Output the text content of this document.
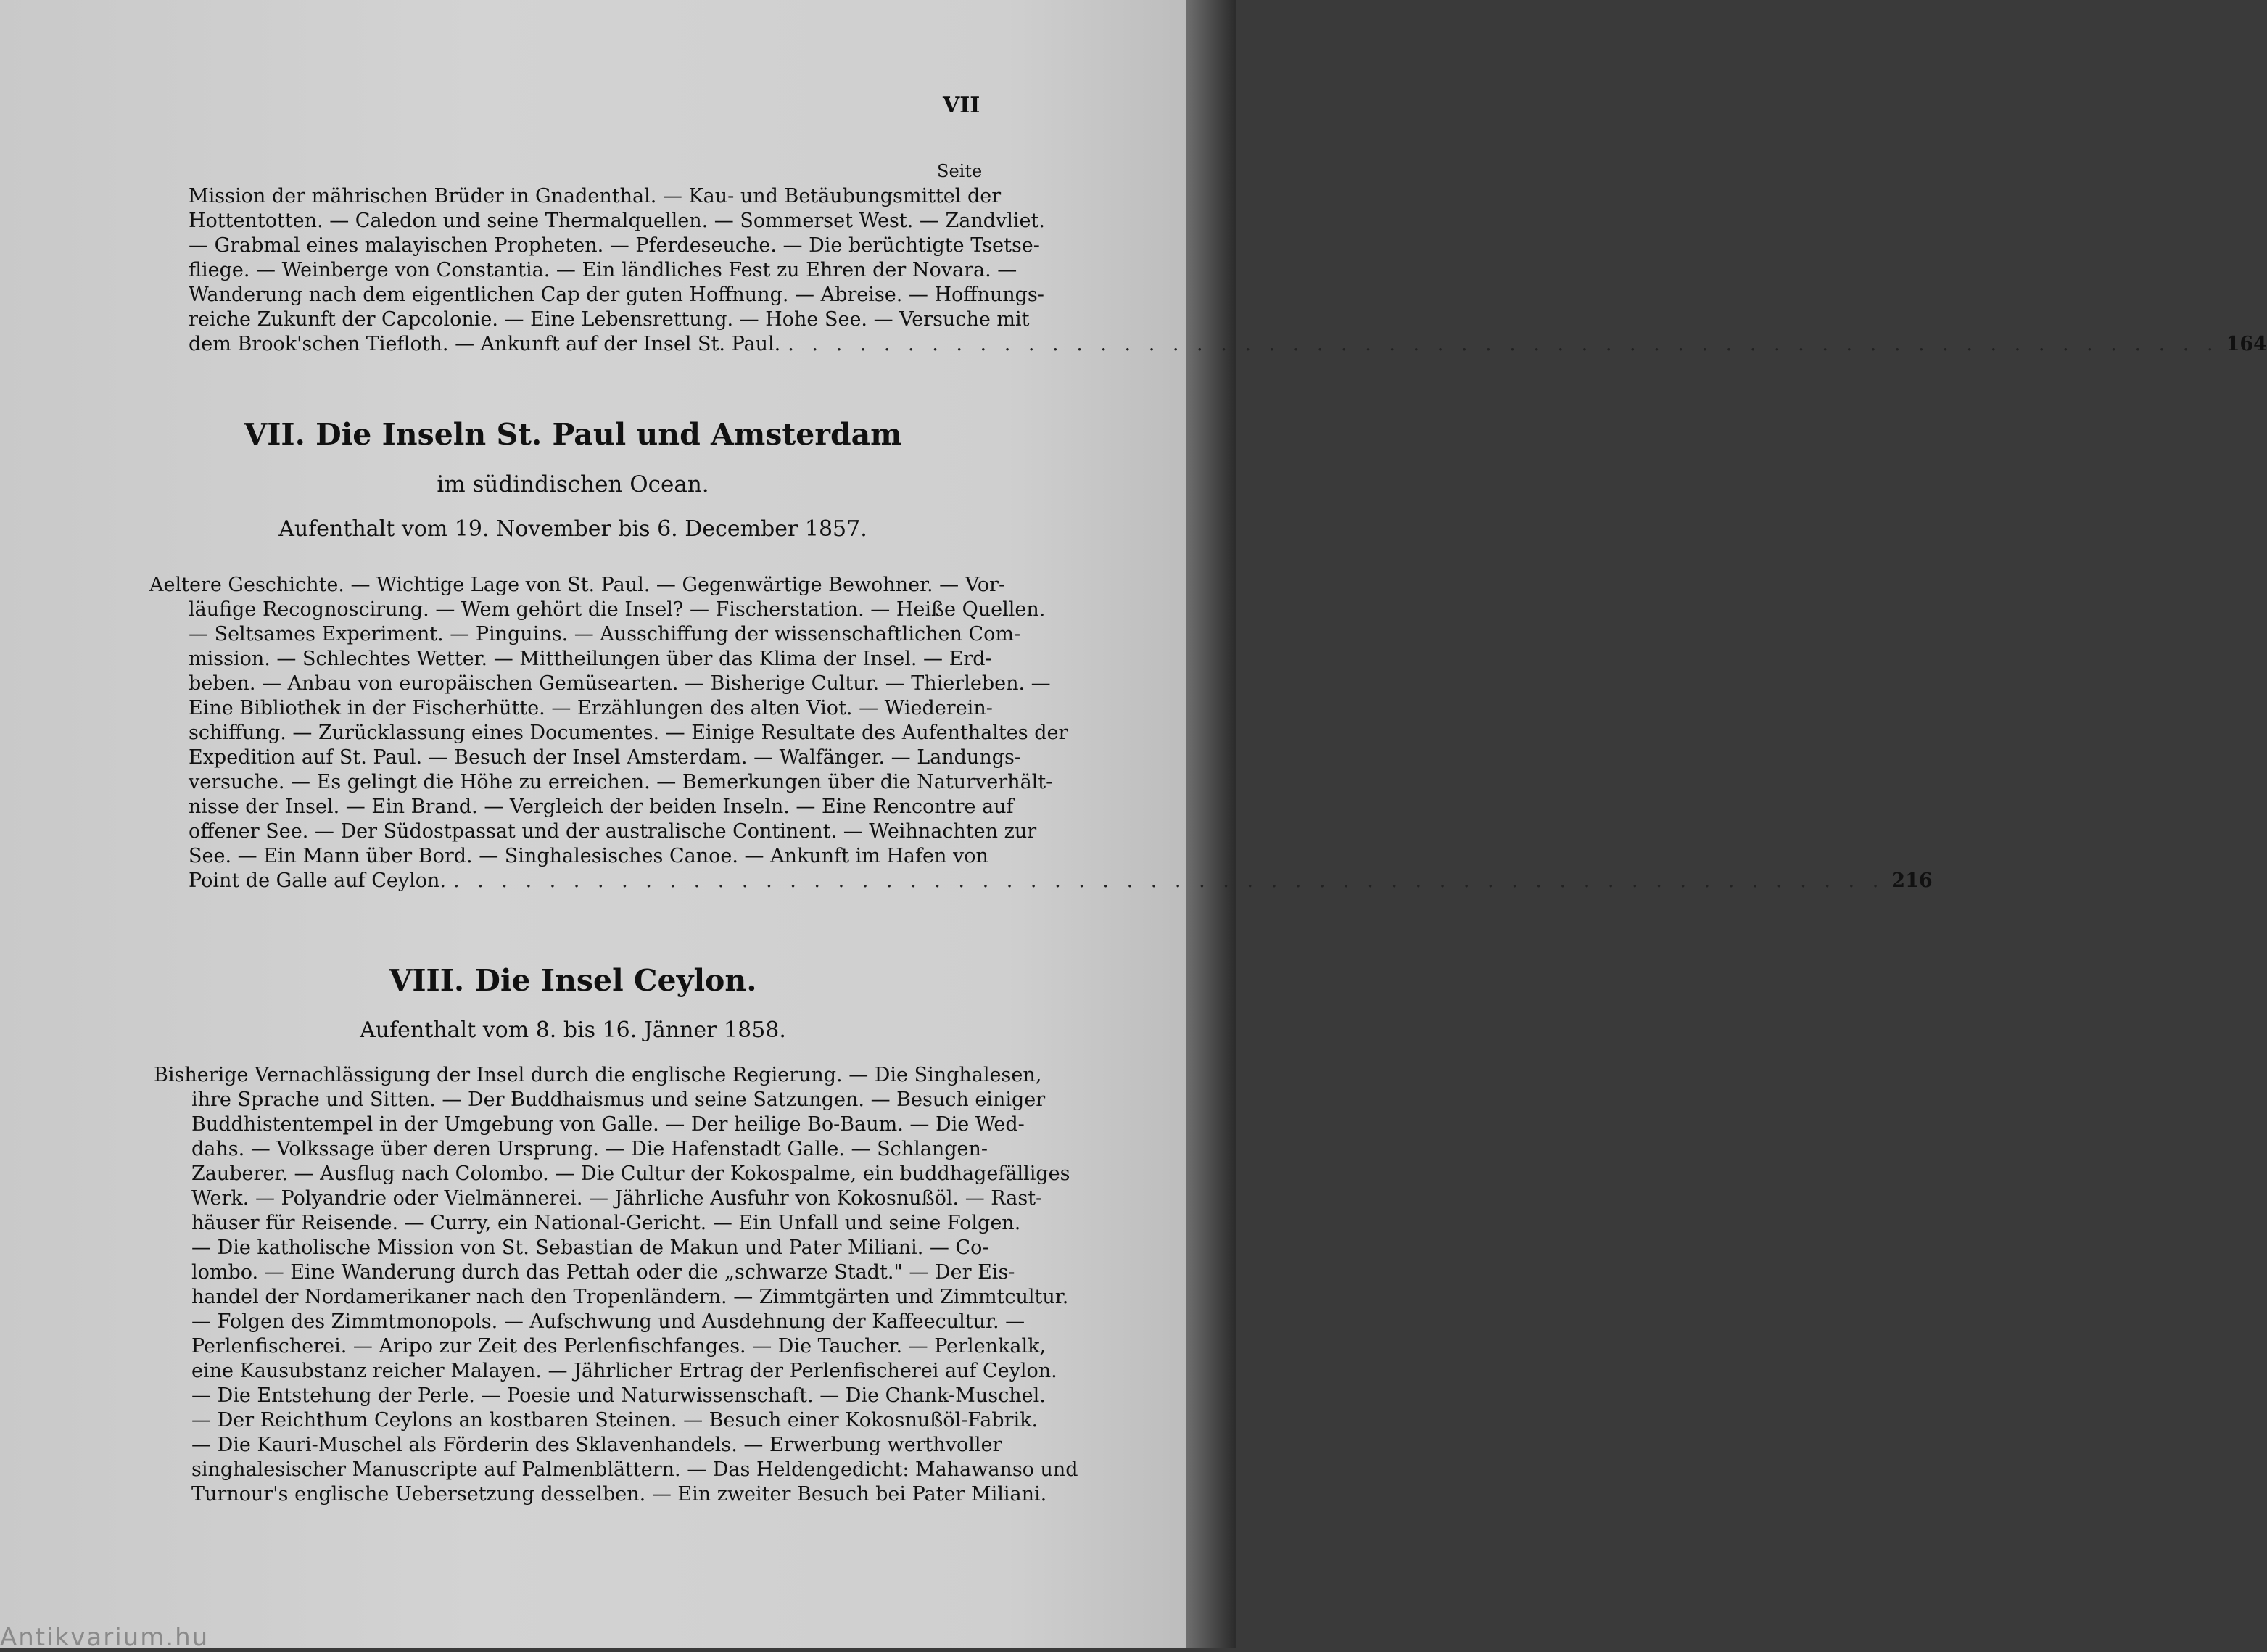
VII
Seite
Mission der mährischen Brüder in Gnadenthal. — Kau- und Betäubungsmittel der
Hottentotten. — Caledon und seine Thermalquellen. — Sommerset West. — Zandvliet.
— Grabmal eines malayischen Propheten. — Pferdeseuche. — Die berüchtigte Tsetse-
fliege. — Weinberge von Constantia. — Ein ländliches Fest zu Ehren der Novara. —
Wanderung nach dem eigentlichen Cap der guten Hoffnung. — Abreise. — Hoffnungs-
reiche Zukunft der Capcolonie. — Eine Lebensrettung. — Hohe See. — Versuche mit
dem Brook'schen Tiefloth. — Ankunft auf der Insel St. Paul. . . . . . . . . . . . . . . . . . . . . . . . . . . . . . . . . . . . . . . . . . . . . . . . . . . . . . . . . . . . . 164
VII. Die Inseln St. Paul und Amsterdam
im südindischen Ocean.
Aufenthalt vom 19. November bis 6. December 1857.
Aeltere Geschichte. — Wichtige Lage von St. Paul. — Gegenwärtige Bewohner. — Vor-
läufige Recognoscirung. — Wem gehört die Insel? — Fischerstation. — Heiße Quellen.
— Seltsames Experiment. — Pinguins. — Ausschiffung der wissenschaftlichen Com-
mission. — Schlechtes Wetter. — Mittheilungen über das Klima der Insel. — Erd-
beben. — Anbau von europäischen Gemüsearten. — Bisherige Cultur. — Thierleben. —
Eine Bibliothek in der Fischerhütte. — Erzählungen des alten Viot. — Wiederein-
schiffung. — Zurücklassung eines Documentes. — Einige Resultate des Aufenthaltes der
Expedition auf St. Paul. — Besuch der Insel Amsterdam. — Walfänger. — Landungs-
versuche. — Es gelingt die Höhe zu erreichen. — Bemerkungen über die Naturverhält-
nisse der Insel. — Ein Brand. — Vergleich der beiden Inseln. — Eine Rencontre auf
offener See. — Der Südostpassat und der australische Continent. — Weihnachten zur
See. — Ein Mann über Bord. — Singhalesisches Canoe. — Ankunft im Hafen von
Point de Galle auf Ceylon. . . . . . . . . . . . . . . . . . . . . . . . . . . . . . . . . . . . . . . . . . . . . . . . . . . . . . . . . . . . . 216
VIII. Die Insel Ceylon.
Aufenthalt vom 8. bis 16. Jänner 1858.
Bisherige Vernachlässigung der Insel durch die englische Regierung. — Die Singhalesen,
ihre Sprache und Sitten. — Der Buddhaismus und seine Satzungen. — Besuch einiger
Buddhistentempel in der Umgebung von Galle. — Der heilige Bo-Baum. — Die Wed-
dahs. — Volkssage über deren Ursprung. — Die Hafenstadt Galle. — Schlangen-
Zauberer. — Ausflug nach Colombo. — Die Cultur der Kokospalme, ein buddhagefälliges
Werk. — Polyandrie oder Vielmännerei. — Jährliche Ausfuhr von Kokosnußöl. — Rast-
häuser für Reisende. — Curry, ein National-Gericht. — Ein Unfall und seine Folgen.
— Die katholische Mission von St. Sebastian de Makun und Pater Miliani. — Co-
lombo. — Eine Wanderung durch das Pettah oder die „schwarze Stadt." — Der Eis-
handel der Nordamerikaner nach den Tropenländern. — Zimmtgärten und Zimmtcultur.
— Folgen des Zimmtmonopols. — Aufschwung und Ausdehnung der Kaffeecultur. —
Perlenfischerei. — Aripo zur Zeit des Perlenfischfanges. — Die Taucher. — Perlenkalk,
eine Kausubstanz reicher Malayen. — Jährlicher Ertrag der Perlenfischerei auf Ceylon.
— Die Entstehung der Perle. — Poesie und Naturwissenschaft. — Die Chank-Muschel.
— Der Reichthum Ceylons an kostbaren Steinen. — Besuch einer Kokosnußöl-Fabrik.
— Die Kauri-Muschel als Förderin des Sklavenhandels. — Erwerbung werthvoller
singhalesischer Manuscripte auf Palmenblättern. — Das Heldengedicht: Mahawanso und
Turnour's englische Uebersetzung desselben. — Ein zweiter Besuch bei Pater Miliani.
Antikvarium.hu
